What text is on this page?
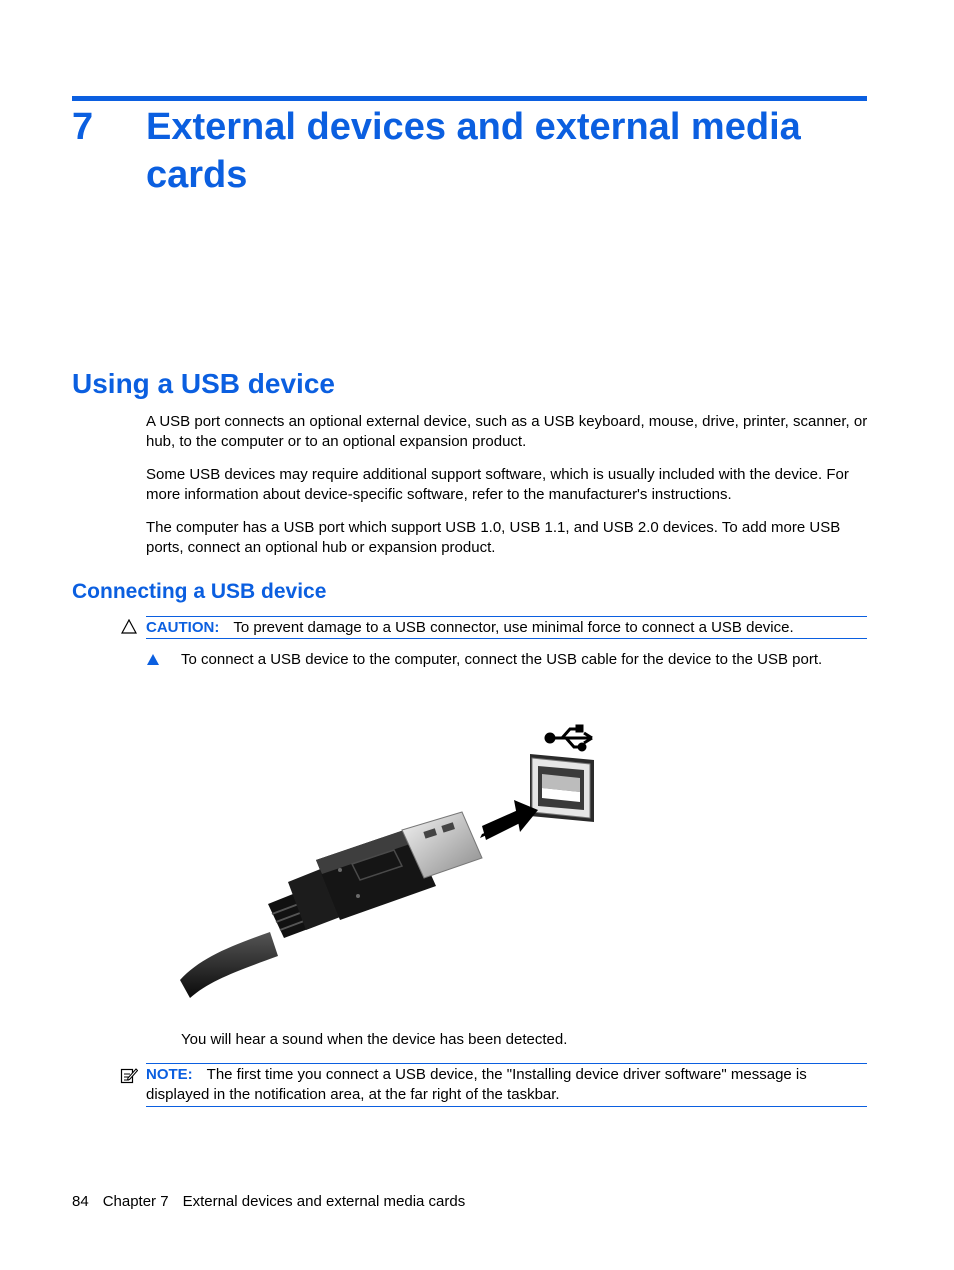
7 External devices and external media cards
Using a USB device
A USB port connects an optional external device, such as a USB keyboard, mouse, drive, printer, scanner, or hub, to the computer or to an optional expansion product.
Some USB devices may require additional support software, which is usually included with the device. For more information about device-specific software, refer to the manufacturer's instructions.
The computer has a USB port which support USB 1.0, USB 1.1, and USB 2.0 devices. To add more USB ports, connect an optional hub or expansion product.
Connecting a USB device
CAUTION: To prevent damage to a USB connector, use minimal force to connect a USB device.
To connect a USB device to the computer, connect the USB cable for the device to the USB port.
You will hear a sound when the device has been detected.
NOTE: The first time you connect a USB device, the "Installing device driver software" message is displayed in the notification area, at the far right of the taskbar.
84 Chapter 7 External devices and external media cards
